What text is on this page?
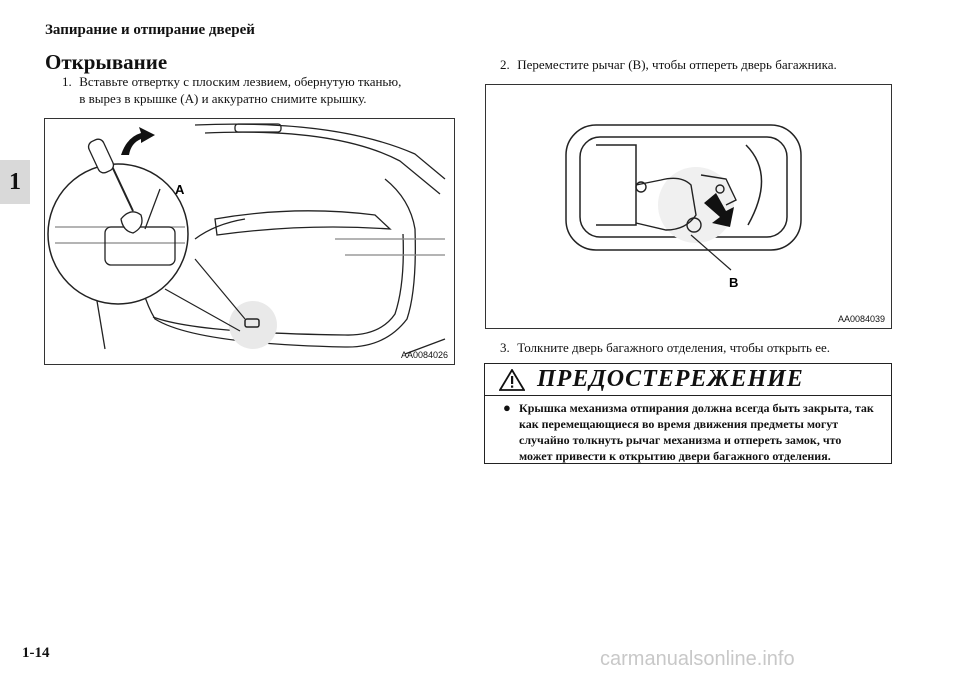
Запирание и отпирание дверей
1
Открывание
1. Вставьте отвертку с плоским лезвием, обернутую тканью,
в вырез в крышке (А) и аккуратно снимите крышку.
A
AA0084026
2. Переместите рычаг (В), чтобы отпереть дверь багажника.
B
AA0084039
3. Толкните дверь багажного отделения, чтобы открыть ее.
ПРЕДОСТЕРЕЖЕНИЕ
● Крышка механизма отпирания должна всегда быть закрыта, так
как перемещающиеся во время движения предметы могут
случайно толкнуть рычаг механизма и отпереть замок, что
может привести к открытию двери багажного отделения.
1-14	carmanualsonline.info
